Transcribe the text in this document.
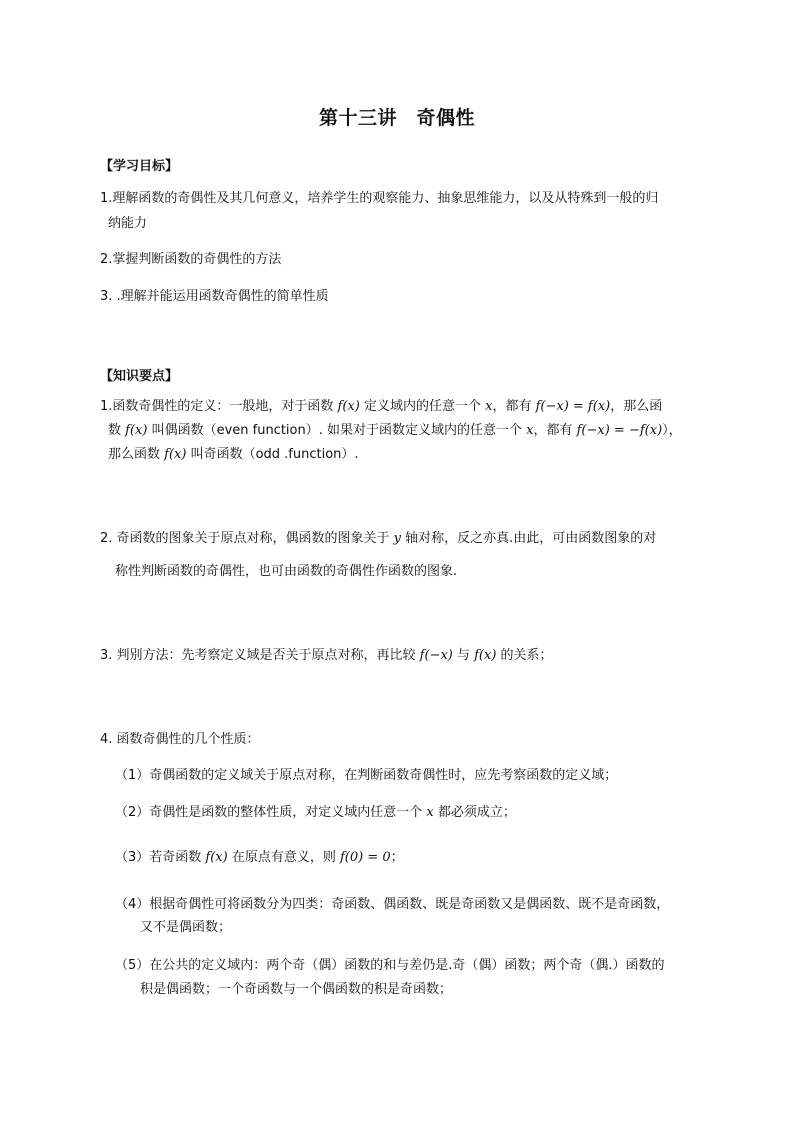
第十三讲　奇偶性
【学习目标】
1.理解函数的奇偶性及其几何意义，培养学生的观察能力、抽象思维能力，以及从特殊到一般的归
纳能力
2.掌握判断函数的奇偶性的方法
3. .理解并能运用函数奇偶性的简单性质
【知识要点】
1.函数奇偶性的定义：一般地，对于函数 f(x) 定义域内的任意一个 x，都有 f(−x) = f(x)，那么函
数 f(x) 叫偶函数（even function）. 如果对于函数定义域内的任意一个 x，都有 f(−x) = −f(x)），
那么函数 f(x) 叫奇函数（odd .function）.
2. 奇函数的图象关于原点对称，偶函数的图象关于 y 轴对称，反之亦真.由此，可由函数图象的对
称性判断函数的奇偶性，也可由函数的奇偶性作函数的图象.
3. 判别方法：先考察定义域是否关于原点对称，再比较 f(−x) 与 f(x) 的关系；
4. 函数奇偶性的几个性质：
（1）奇偶函数的定义域关于原点对称，在判断函数奇偶性时，应先考察函数的定义域；
（2）奇偶性是函数的整体性质，对定义域内任意一个 x 都必须成立；
（3）若奇函数 f(x) 在原点有意义，则 f(0) = 0；
（4）根据奇偶性可将函数分为四类：奇函数、偶函数、既是奇函数又是偶函数、既不是奇函数，
又不是偶函数；
（5）在公共的定义域内：两个奇（偶）函数的和与差仍是.奇（偶）函数；两个奇（偶.）函数的
积是偶函数；一个奇函数与一个偶函数的积是奇函数；
